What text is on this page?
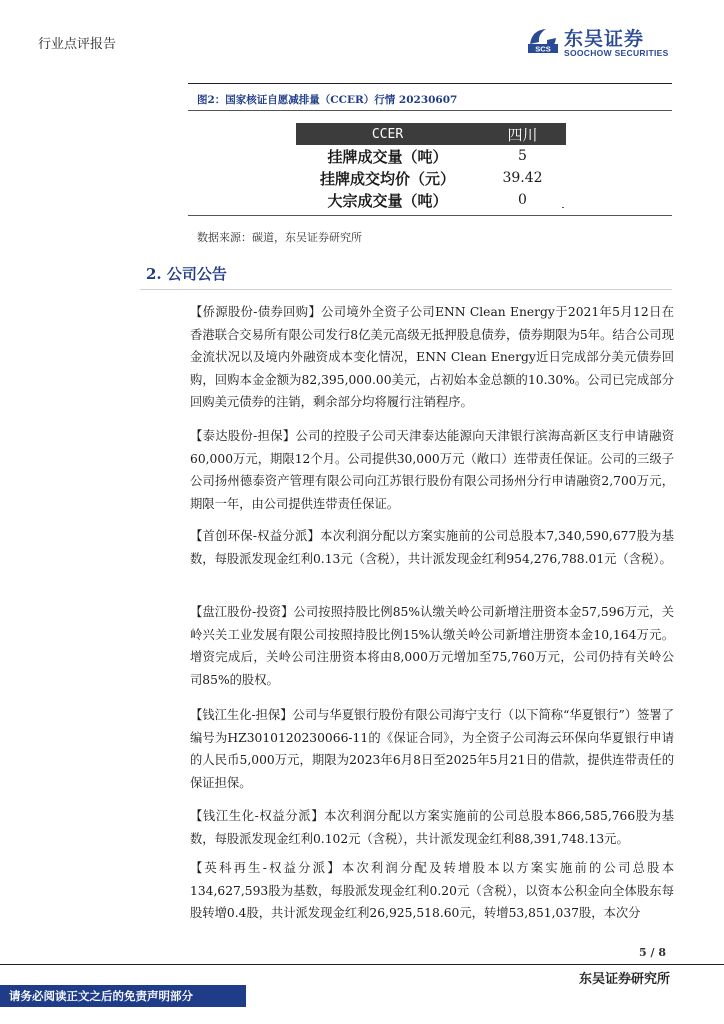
行业点评报告	SCS 东吴证券
SOOCHOW SECURITIES
图2：国家核证自愿减排量（CCER）行情 20230607
CCER	四川
挂牌成交量（吨）	5
挂牌成交均价（元）	39.42
大宗成交量（吨）	0
数据来源：碳道，东吴证券研究所
2. 公司公告
【侨源股份-债券回购】公司境外全资子公司ENN Clean Energy于2021年5月12日在香港联合交易所有限公司发行8亿美元高级无抵押股息债券，债券期限为5年。结合公司现金流状况以及境内外融资成本变化情况，ENN Clean Energy近日完成部分美元债券回购，回购本金金额为82,395,000.00美元，占初始本金总额的10.30%。公司已完成部分回购美元债券的注销，剩余部分均将履行注销程序。
【泰达股份-担保】公司的控股子公司天津泰达能源向天津银行滨海高新区支行申请融资60,000万元，期限12个月。公司提供30,000万元（敞口）连带责任保证。公司的三级子公司扬州德泰资产管理有限公司向江苏银行股份有限公司扬州分行申请融资2,700万元，期限一年，由公司提供连带责任保证。
【首创环保-权益分派】本次利润分配以方案实施前的公司总股本7,340,590,677股为基数，每股派发现金红利0.13元（含税），共计派发现金红利954,276,788.01元（含税）。
【盘江股份-投资】公司按照持股比例85%认缴关岭公司新增注册资本金57,596万元，关岭兴关工业发展有限公司按照持股比例15%认缴关岭公司新增注册资本金10,164万元。增资完成后，关岭公司注册资本将由8,000万元增加至75,760万元，公司仍持有关岭公司85%的股权。
【钱江生化-担保】公司与华夏银行股份有限公司海宁支行（以下简称“华夏银行”）签署了编号为HZ3010120230066-11的《保证合同》，为全资子公司海云环保向华夏银行申请的人民币5,000万元，期限为2023年6月8日至2025年5月21日的借款，提供连带责任的保证担保。
【钱江生化-权益分派】本次利润分配以方案实施前的公司总股本866,585,766股为基数，每股派发现金红利0.102元（含税），共计派发现金红利88,391,748.13元。
【英科再生-权益分派】本次利润分配及转增股本以方案实施前的公司总股本134,627,593股为基数，每股派发现金红利0.20元（含税），以资本公积金向全体股东每股转增0.4股，共计派发现金红利26,925,518.60元，转增53,851,037股，本次分
5 / 8
东吴证券研究所
请务必阅读正文之后的免责声明部分
